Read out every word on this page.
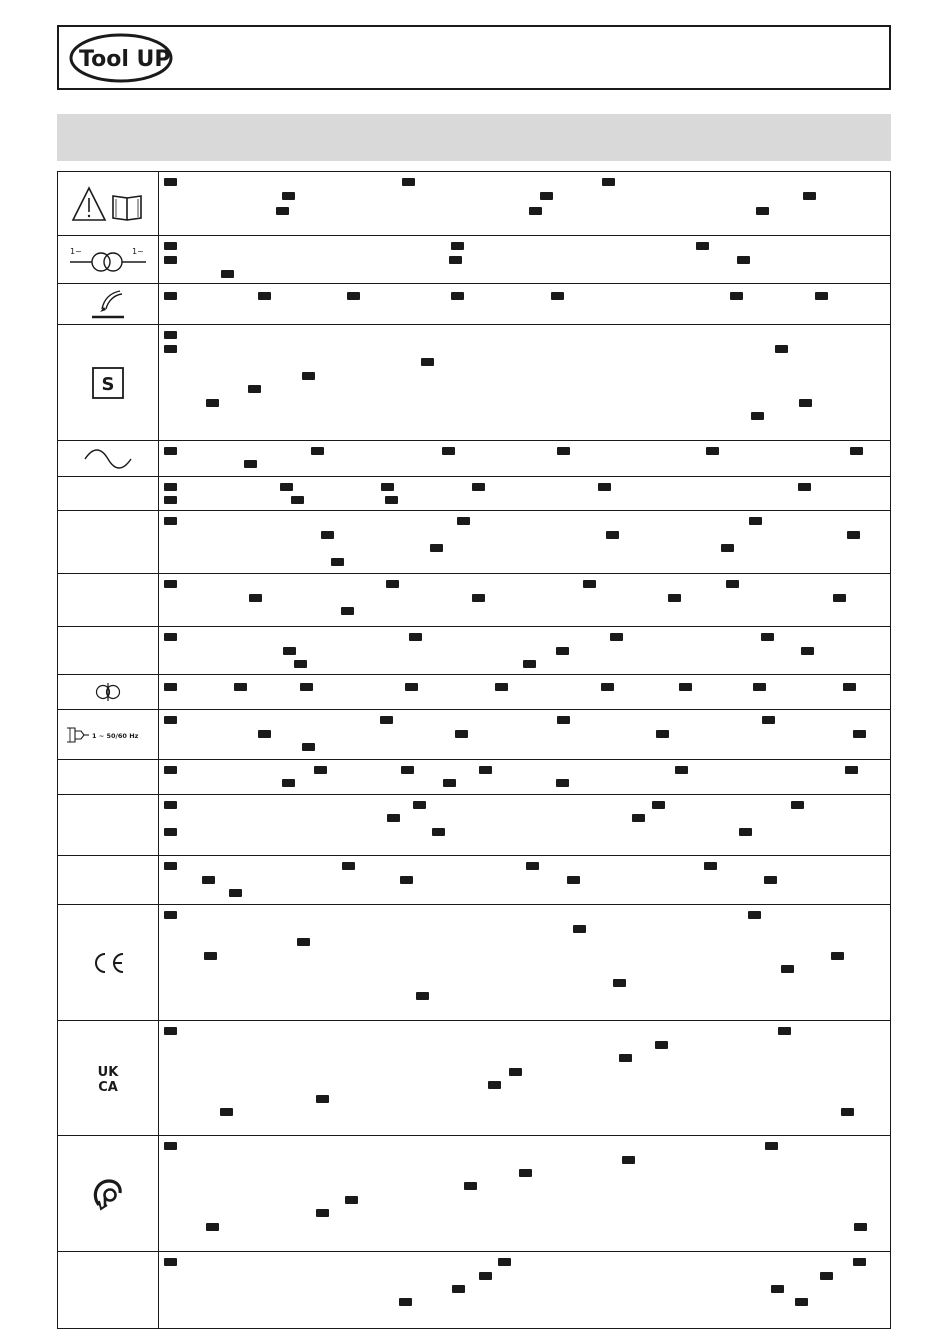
Tool UP
1~	1~
S
1 ~ 50/60 Hz
UK
CA
